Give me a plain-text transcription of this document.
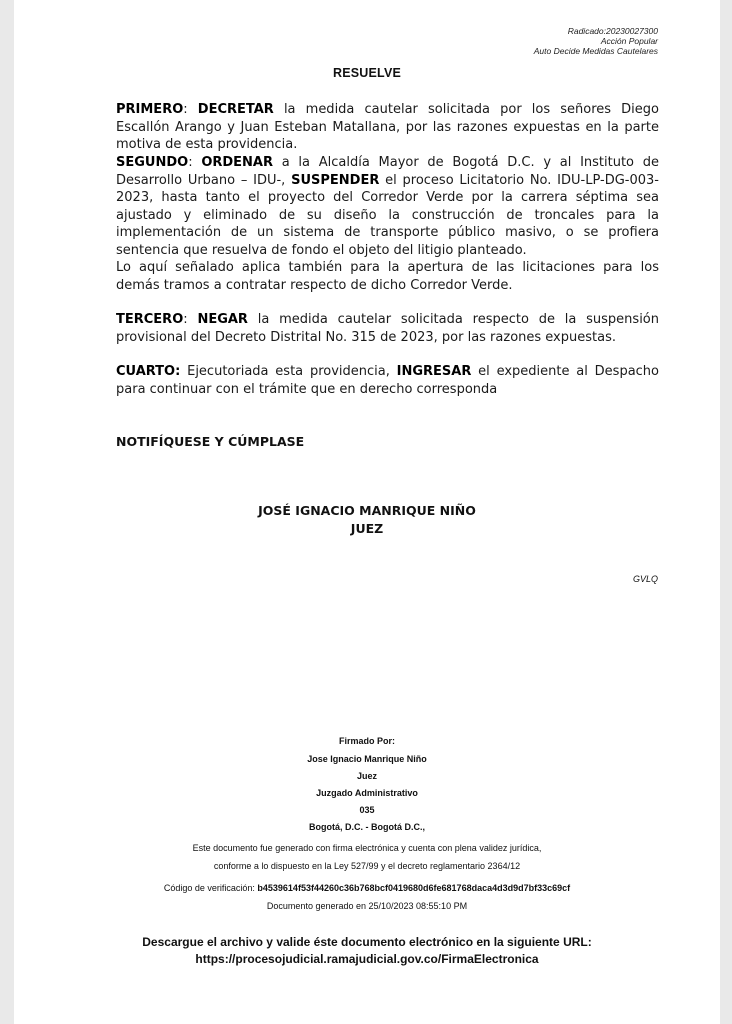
Radicado:20230027300
Acción Popular
Auto Decide Medidas Cautelares
RESUELVE
PRIMERO: DECRETAR la medida cautelar solicitada por los señores Diego Escallón Arango y Juan Esteban Matallana, por las razones expuestas en la parte motiva de esta providencia.
SEGUNDO: ORDENAR a la Alcaldía Mayor de Bogotá D.C. y al Instituto de Desarrollo Urbano – IDU-, SUSPENDER el proceso Licitatorio No. IDU-LP-DG-003-2023, hasta tanto el proyecto del Corredor Verde por la carrera séptima sea ajustado y eliminado de su diseño la construcción de troncales para la implementación de un sistema de transporte público masivo, o se profiera sentencia que resuelva de fondo el objeto del litigio planteado.
Lo aquí señalado aplica también para la apertura de las licitaciones para los demás tramos a contratar respecto de dicho Corredor Verde.
TERCERO: NEGAR la medida cautelar solicitada respecto de la suspensión provisional del Decreto Distrital No. 315 de 2023, por las razones expuestas.
CUARTO: Ejecutoriada esta providencia, INGRESAR el expediente al Despacho para continuar con el trámite que en derecho corresponda
NOTIFÍQUESE Y CÚMPLASE
JOSÉ IGNACIO MANRIQUE NIÑO
JUEZ
GVLQ
Firmado Por:
Jose Ignacio Manrique Niño
Juez
Juzgado Administrativo
035
Bogotá, D.C. - Bogotá D.C.,
Este documento fue generado con firma electrónica y cuenta con plena validez jurídica,
conforme a lo dispuesto en la Ley 527/99 y el decreto reglamentario 2364/12
Código de verificación: b4539614f53f44260c36b768bcf0419680d6fe681768daca4d3d9d7bf33c69cf
Documento generado en 25/10/2023 08:55:10 PM
Descargue el archivo y valide éste documento electrónico en la siguiente URL:
https://procesojudicial.ramajudicial.gov.co/FirmaElectronica
